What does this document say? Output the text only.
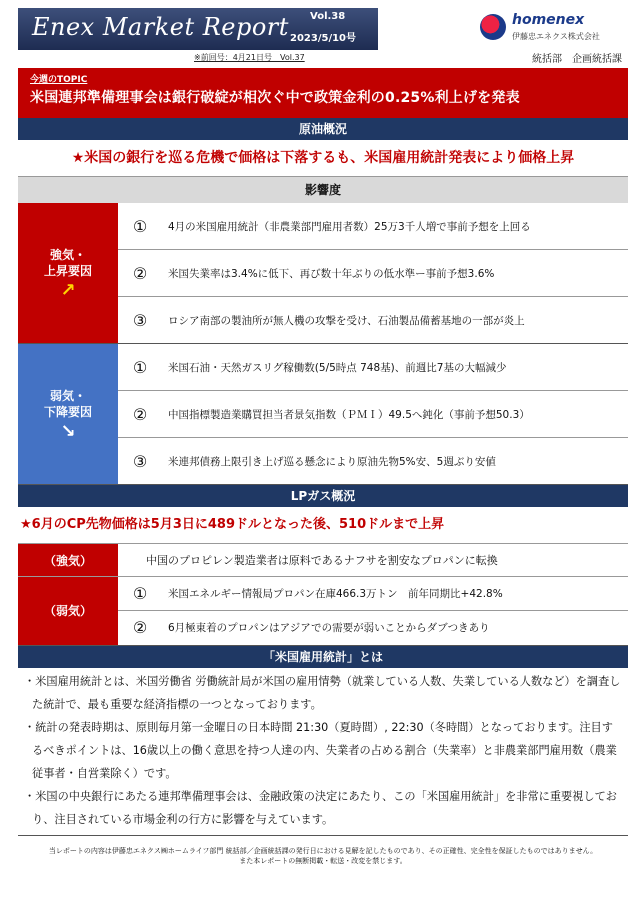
Enex Market Report Vol.38
2023/5/10号
homenex
伊藤忠エネクス株式会社
※前回号：4月21日号　Vol.37	統括部　企画統括課
今週のTOPIC
米国連邦準備理事会は銀行破綻が相次ぐ中で政策金利の0.25%利上げを発表
原油概況
★米国の銀行を巡る危機で価格は下落するも、米国雇用統計発表により価格上昇
影響度
強気・
上昇要因
↗
①	4月の米国雇用統計（非農業部門雇用者数）25万3千人増で事前予想を上回る
②	米国失業率は3.4%に低下、再び数十年ぶりの低水準ー事前予想3.6%
③	ロシア南部の製油所が無人機の攻撃を受け、石油製品備蓄基地の一部が炎上
弱気・
下降要因
↘
①	米国石油・天然ガスリグ稼働数(5/5時点 748基)、前週比7基の大幅減少
②	中国指標製造業購買担当者景気指数（ＰＭＩ）49.5へ鈍化（事前予想50.3）
③	米連邦債務上限引き上げ巡る懸念により原油先物5%安、5週ぶり安値
LPガス概況
★6月のCP先物価格は5月3日に489ドルとなった後、510ドルまで上昇
（強気）	中国のプロピレン製造業者は原料であるナフサを割安なプロパンに転換
（弱気）
①	米国エネルギー情報局プロパン在庫466.3万トン　前年同期比+42.8%
②	6月極東着のプロパンはアジアでの需要が弱いことからダブつきあり
「米国雇用統計」とは

・米国雇用統計とは、米国労働省 労働統計局が米国の雇用情勢（就業している人数、失業している人数など）を調査した統計で、最も重要な経済指標の一つとなっております。

・統計の発表時期は、原則毎月第一金曜日の日本時間 21:30（夏時間）, 22:30（冬時間）となっております。注目するべきポイントは、16歳以上の働く意思を持つ人達の内、失業者の占める割合（失業率）と非農業部門雇用数（農業従事者・自営業除く）です。

・米国の中央銀行にあたる連邦準備理事会は、金融政策の決定にあたり、この「米国雇用統計」を非常に重要視しており、注目されている市場金利の行方に影響を与えています。

当レポートの内容は伊藤忠エネクス㈱ホームライフ部門 統括部／企画統括課の発行日における見解を記したものであり、その正確性、完全性を保証したものではありません。
また本レポートの無断掲載・転送・改変を禁じます。
